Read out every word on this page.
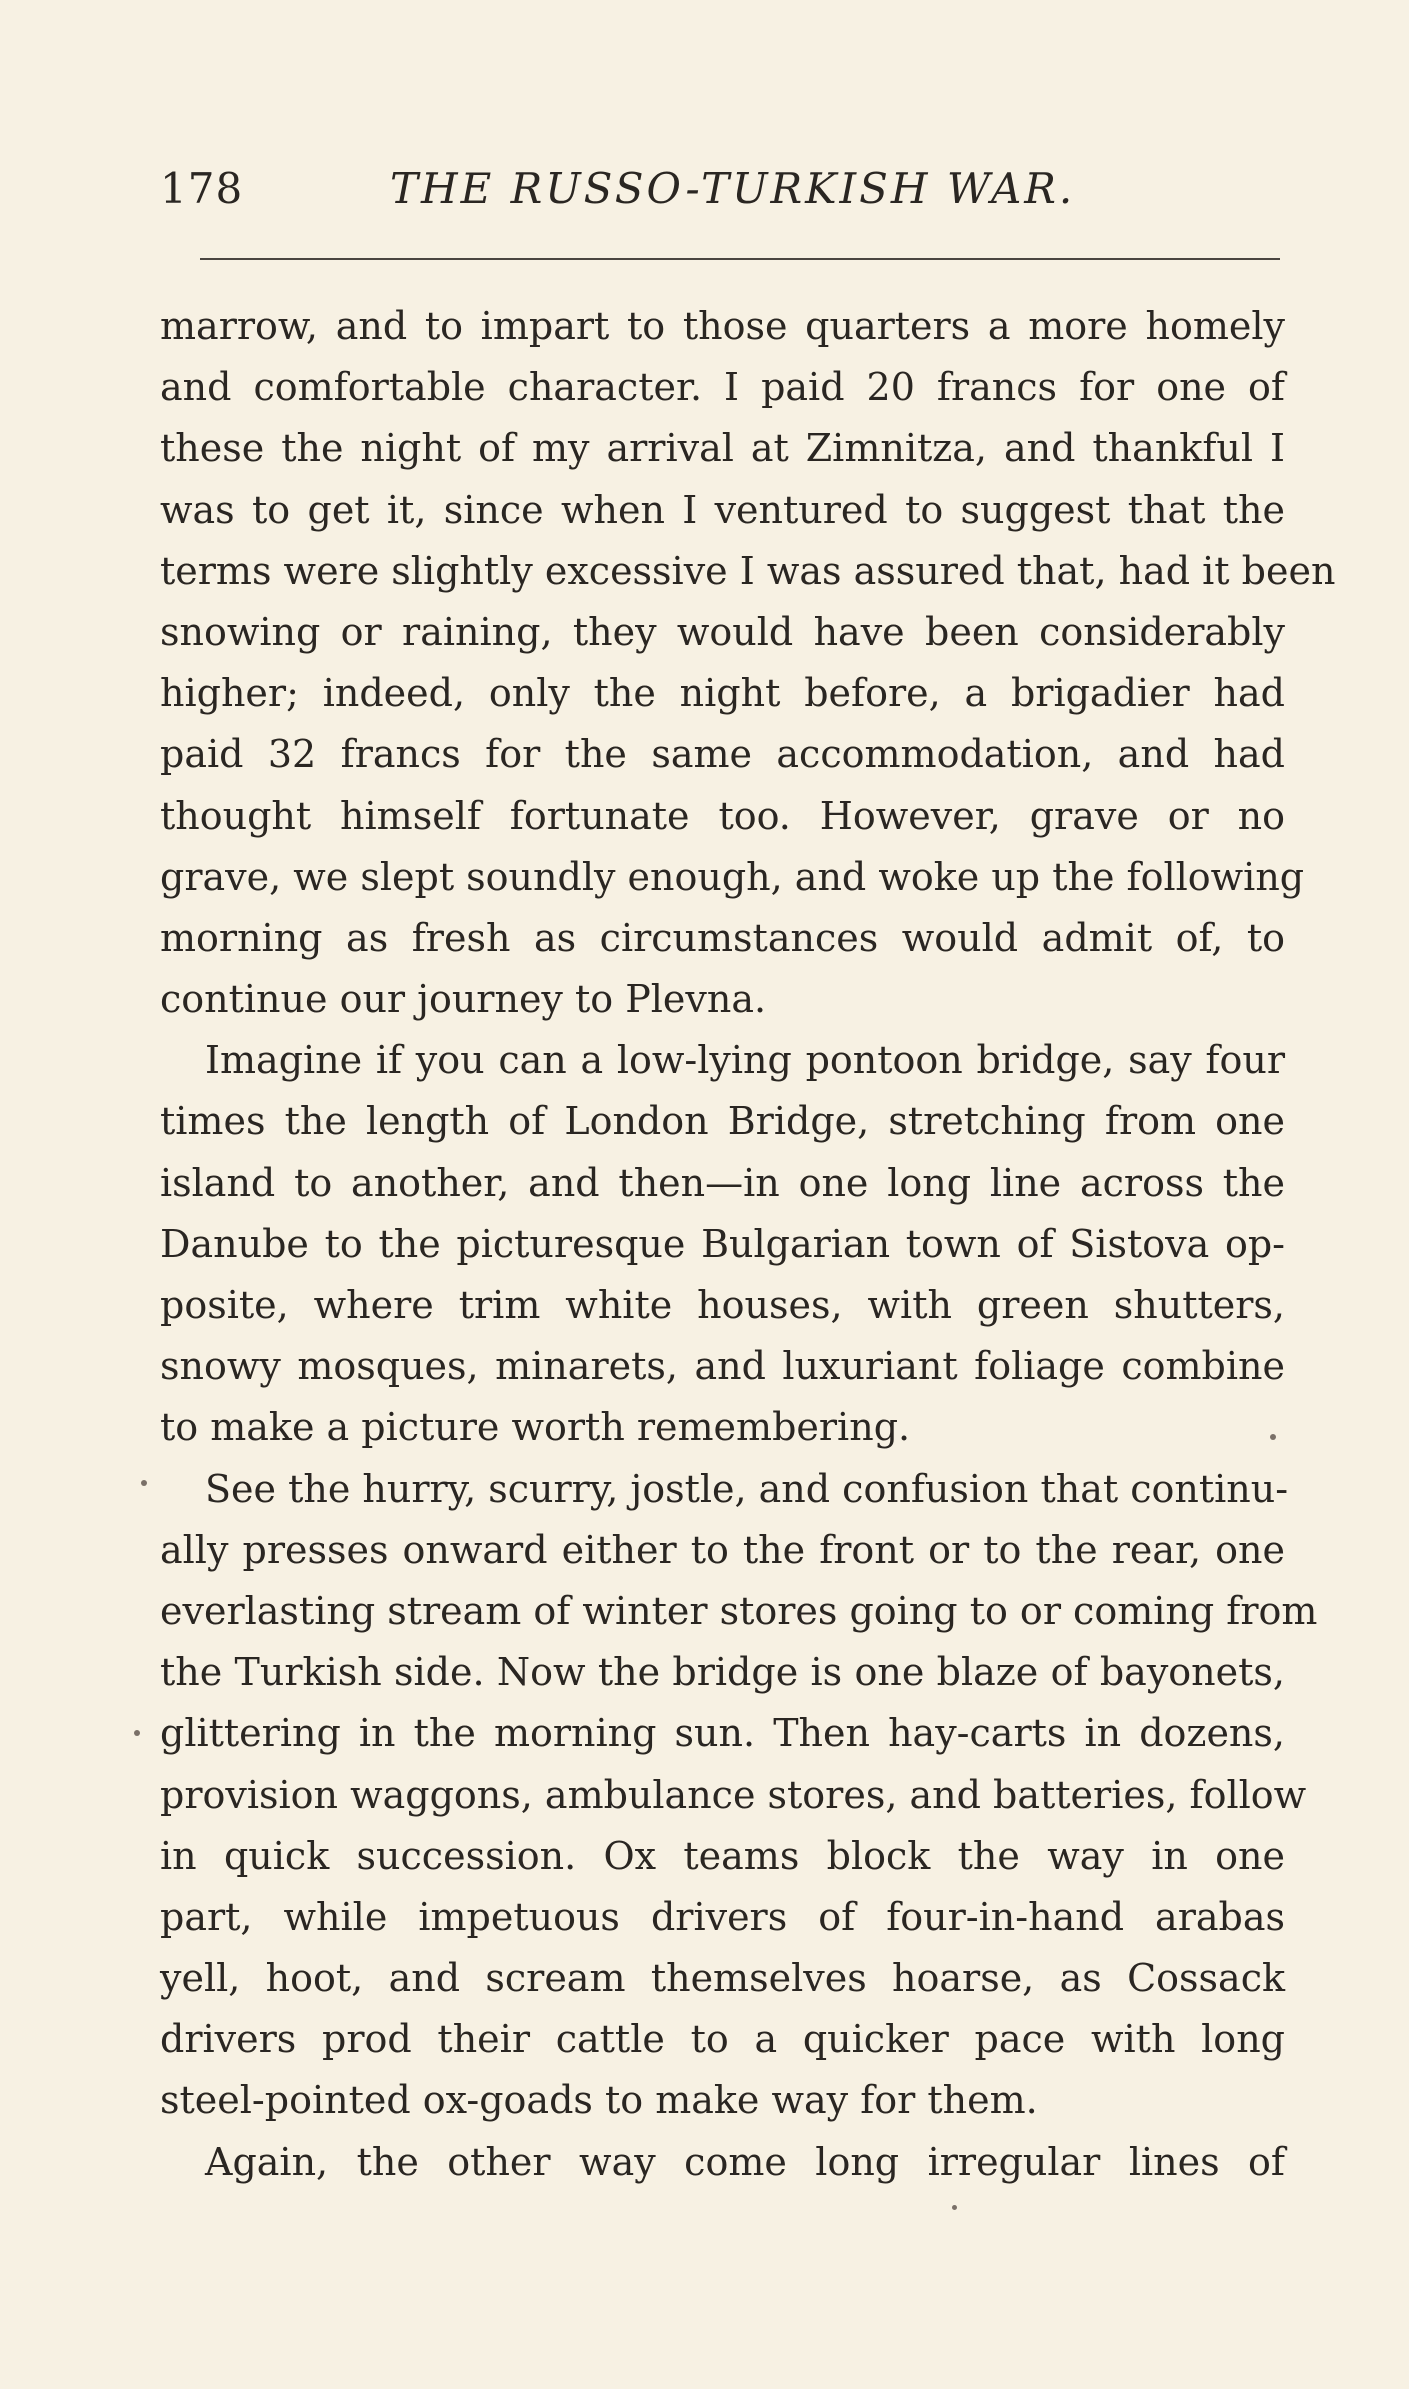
178	THE RUSSO-TURKISH WAR.
marrow, and to impart to those quarters a more homely
and comfortable character. I paid 20 francs for one of
these the night of my arrival at Zimnitza, and thankful I
was to get it, since when I ventured to suggest that the
terms were slightly excessive I was assured that, had it been
snowing or raining, they would have been considerably
higher; indeed, only the night before, a brigadier had
paid 32 francs for the same accommodation, and had
thought himself fortunate too. However, grave or no
grave, we slept soundly enough, and woke up the following
morning as fresh as circumstances would admit of, to
continue our journey to Plevna.
Imagine if you can a low-lying pontoon bridge, say four
times the length of London Bridge, stretching from one
island to another, and then—in one long line across the
Danube to the picturesque Bulgarian town of Sistova op-
posite, where trim white houses, with green shutters,
snowy mosques, minarets, and luxuriant foliage combine
to make a picture worth remembering.
See the hurry, scurry, jostle, and confusion that continu-
ally presses onward either to the front or to the rear, one
everlasting stream of winter stores going to or coming from
the Turkish side. Now the bridge is one blaze of bayonets,
glittering in the morning sun. Then hay-carts in dozens,
provision waggons, ambulance stores, and batteries, follow
in quick succession. Ox teams block the way in one
part, while impetuous drivers of four-in-hand arabas
yell, hoot, and scream themselves hoarse, as Cossack
drivers prod their cattle to a quicker pace with long
steel-pointed ox-goads to make way for them.
Again, the other way come long irregular lines of
